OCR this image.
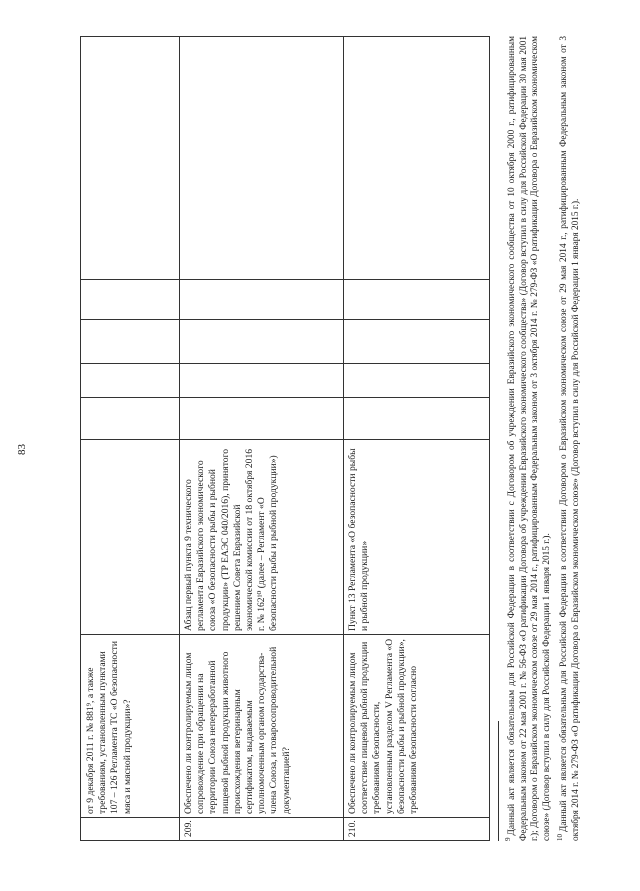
83
от 9 декабря 2011 г. № 881⁹, а также требованиям, установленным пунктами 107 – 126 Регламента ТС «О безопасности мяса и мясной продукции»?
209.
Обеспечено ли контролируемым лицом сопровождение при обращении на территории Союза непереработанной пищевой рыбной продукции животного происхождения ветеринарным сертификатом, выдаваемым уполномоченным органом государства-члена Союза, и товаросопроводительной документацией?
Абзац первый пункта 9 технического регламента Евразийского экономического союза «О безопасности рыбы и рыбной продукции» (ТР ЕАЭС 040/2016), принятого решением Совета Евразийской экономической комиссии от 18 октября 2016 г. № 162¹⁰ (далее – Регламент «О безопасности рыбы и рыбной продукции»)
210.
Обеспечено ли контролируемым лицом соответствие пищевой рыбной продукции требованиям безопасности, установленным разделом V Регламента «О безопасности рыбы и рыбной продукции», требованиям безопасности согласно
Пункт 13 Регламента «О безопасности рыбы и рыбной продукции»

$^9$Данный акт является обязательным для Российской Федерации в соответствии с Договором об учреждении Евразийского экономического сообщества от 10 октября 2000 г., ратифицированным Федеральным законом от 22 мая 2001 г. № 56-ФЗ «О ратификации Договора об учреждении Евразийского экономического сообщества» (Договор вступил в силу для Российской Федерации 30 мая 2001 г.); Договором о Евразийском экономическом союзе от 29 мая 2014 г., ратифицированным Федеральным законом от 3 октября 2014 г. № 279-ФЗ «О ратификации Договора о Евразийском экономическом союзе» (Договор вступил в силу для Российской Федерации 1 января 2015 г.). $^{10}$Данный акт является обязательным для Российской Федерации в соответствии Договором о Евразийском экономическом союзе от 29 мая 2014 г., ратифицированным Федеральным законом от 3 октября 2014 г. № 279-ФЗ «О ратификации Договора о Евразийском экономическом союзе» (Договор вступил в силу для Российской Федерации 1 января 2015 г.).
